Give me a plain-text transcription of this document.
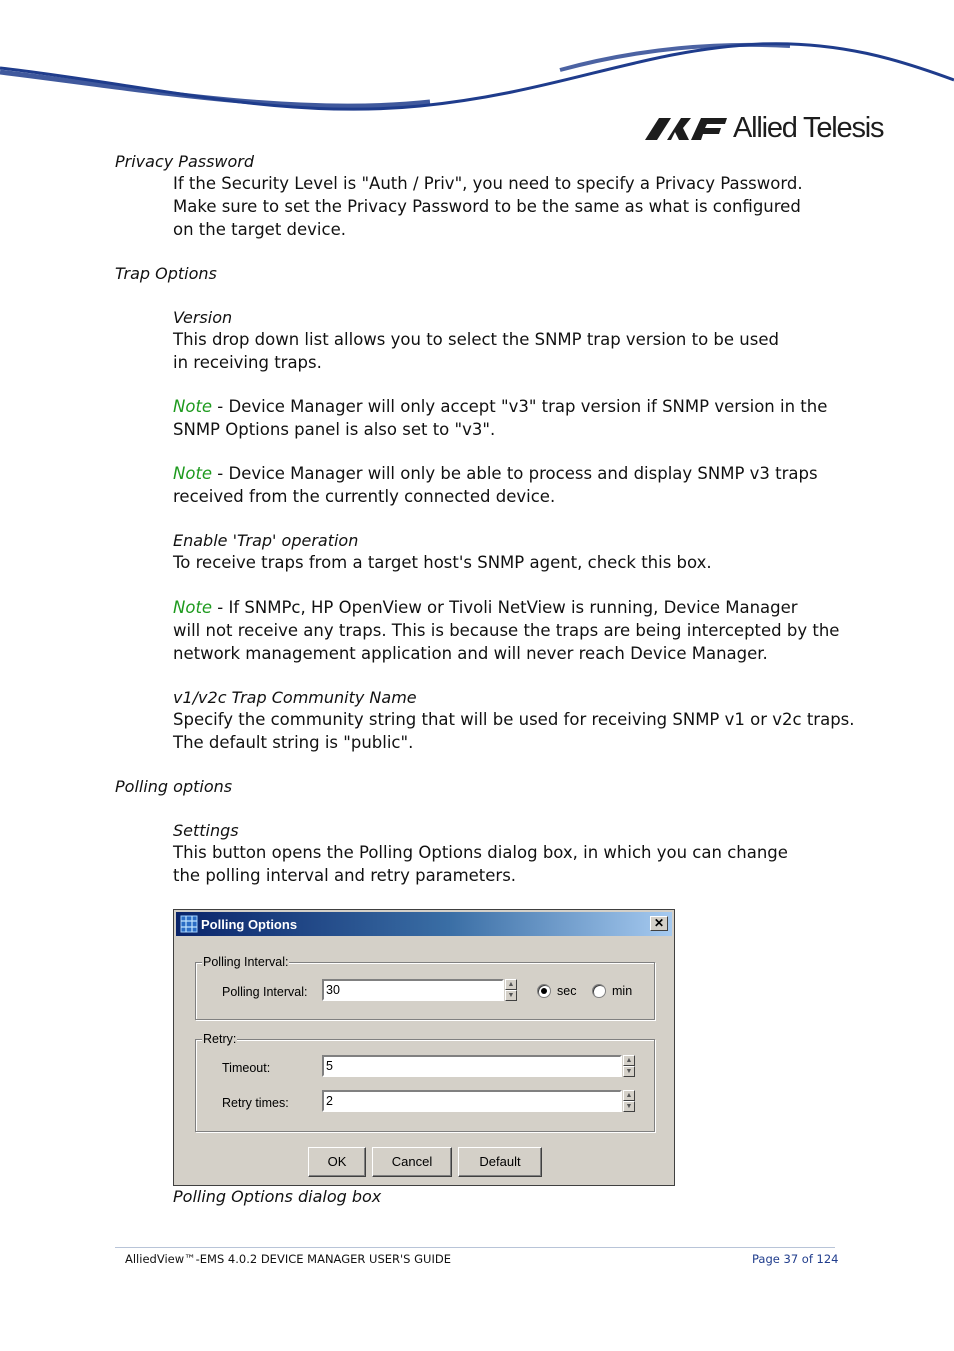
Allied Telesis
Privacy Password
If the Security Level is "Auth / Priv", you need to specify a Privacy Password.
Make sure to set the Privacy Password to be the same as what is configured
on the target device.
Trap Options
Version
This drop down list allows you to select the SNMP trap version to be used
in receiving traps.
Note - Device Manager will only accept "v3" trap version if SNMP version in the
SNMP Options panel is also set to "v3".
Note - Device Manager will only be able to process and display SNMP v3 traps
received from the currently connected device.
Enable 'Trap' operation
To receive traps from a target host's SNMP agent, check this box.
Note - If SNMPc, HP OpenView or Tivoli NetView is running, Device Manager
will not receive any traps. This is because the traps are being intercepted by the
network management application and will never reach Device Manager.
v1/v2c Trap Community Name
Specify the community string that will be used for receiving SNMP v1 or v2c traps.
The default string is "public".
Polling options
Settings
This button opens the Polling Options dialog box, in which you can change
the polling interval and retry parameters.
Polling Options	✕
Polling Interval:
Polling Interval:
30
▲
▼	sec	min
Retry:
Timeout:
5
▲
▼
Retry times:
2
▲
▼
OK	Cancel	Default
Polling Options dialog box
AlliedView™-EMS 4.0.2 DEVICE MANAGER USER'S GUIDE	Page 37 of 124
